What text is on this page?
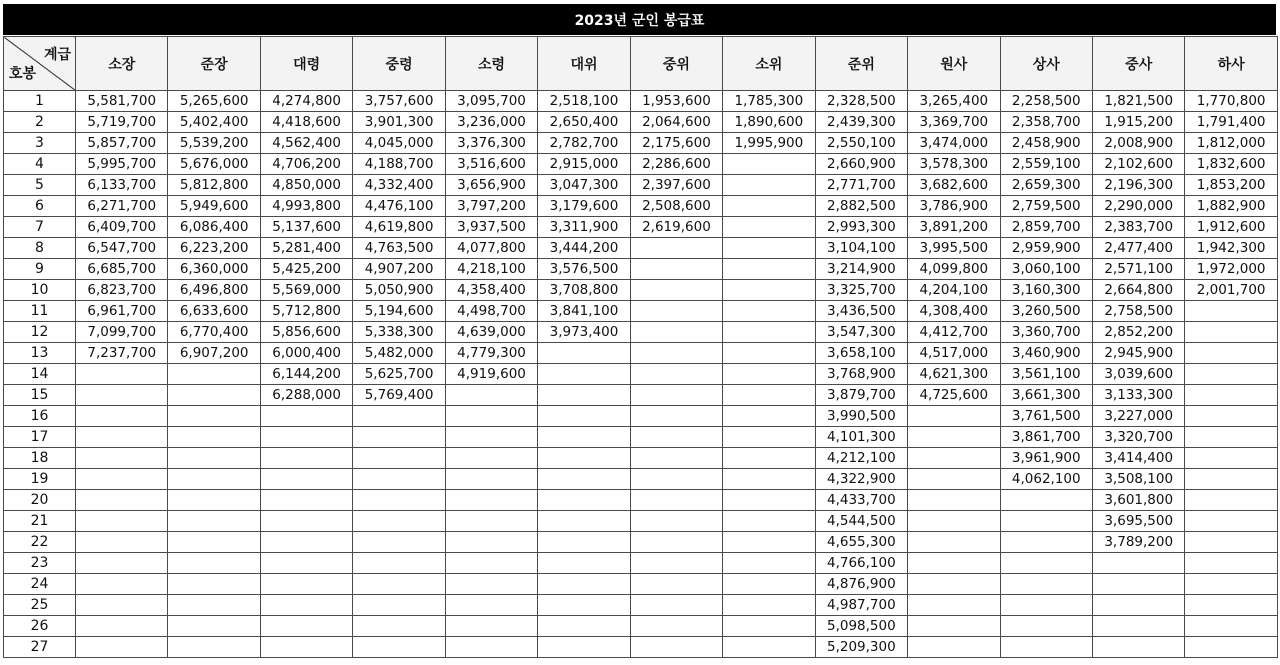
2023년 군인 봉급표
계급
호봉	소장	준장	대령	중령	소령	대위	중위	소위	준위	원사	상사	중사	하사
1	5,581,700	5,265,600	4,274,800	3,757,600	3,095,700	2,518,100	1,953,600	1,785,300	2,328,500	3,265,400	2,258,500	1,821,500	1,770,800
2	5,719,700	5,402,400	4,418,600	3,901,300	3,236,000	2,650,400	2,064,600	1,890,600	2,439,300	3,369,700	2,358,700	1,915,200	1,791,400
3	5,857,700	5,539,200	4,562,400	4,045,000	3,376,300	2,782,700	2,175,600	1,995,900	2,550,100	3,474,000	2,458,900	2,008,900	1,812,000
4	5,995,700	5,676,000	4,706,200	4,188,700	3,516,600	2,915,000	2,286,600		2,660,900	3,578,300	2,559,100	2,102,600	1,832,600
5	6,133,700	5,812,800	4,850,000	4,332,400	3,656,900	3,047,300	2,397,600		2,771,700	3,682,600	2,659,300	2,196,300	1,853,200
6	6,271,700	5,949,600	4,993,800	4,476,100	3,797,200	3,179,600	2,508,600		2,882,500	3,786,900	2,759,500	2,290,000	1,882,900
7	6,409,700	6,086,400	5,137,600	4,619,800	3,937,500	3,311,900	2,619,600		2,993,300	3,891,200	2,859,700	2,383,700	1,912,600
8	6,547,700	6,223,200	5,281,400	4,763,500	4,077,800	3,444,200			3,104,100	3,995,500	2,959,900	2,477,400	1,942,300
9	6,685,700	6,360,000	5,425,200	4,907,200	4,218,100	3,576,500			3,214,900	4,099,800	3,060,100	2,571,100	1,972,000
10	6,823,700	6,496,800	5,569,000	5,050,900	4,358,400	3,708,800			3,325,700	4,204,100	3,160,300	2,664,800	2,001,700
11	6,961,700	6,633,600	5,712,800	5,194,600	4,498,700	3,841,100			3,436,500	4,308,400	3,260,500	2,758,500	
12	7,099,700	6,770,400	5,856,600	5,338,300	4,639,000	3,973,400			3,547,300	4,412,700	3,360,700	2,852,200	
13	7,237,700	6,907,200	6,000,400	5,482,000	4,779,300				3,658,100	4,517,000	3,460,900	2,945,900	
14			6,144,200	5,625,700	4,919,600				3,768,900	4,621,300	3,561,100	3,039,600	
15			6,288,000	5,769,400					3,879,700	4,725,600	3,661,300	3,133,300	
16									3,990,500		3,761,500	3,227,000	
17									4,101,300		3,861,700	3,320,700	
18									4,212,100		3,961,900	3,414,400	
19									4,322,900		4,062,100	3,508,100	
20									4,433,700			3,601,800	
21									4,544,500			3,695,500	
22									4,655,300			3,789,200	
23									4,766,100				
24									4,876,900				
25									4,987,700				
26									5,098,500				
27									5,209,300				
